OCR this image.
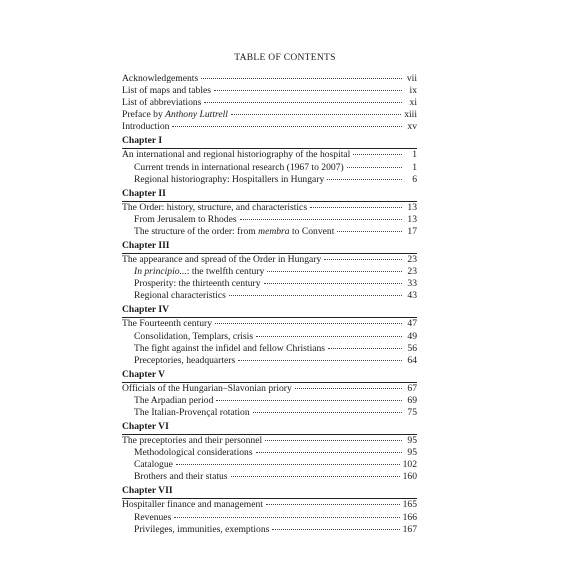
TABLE OF CONTENTS
Acknowledgements	vii
List of maps and tables	ix
List of abbreviations	xi
Preface by Anthony Luttrell	xiii
Introduction	xv
Chapter I
An international and regional historiography of the hospital	1
Current trends in international research (1967 to 2007)	1
Regional historiography: Hospitallers in Hungary	6
Chapter II
The Order: history, structure, and characteristics	13
From Jerusalem to Rhodes	13
The structure of the order: from membra to Convent	17
Chapter III
The appearance and spread of the Order in Hungary	23
In principio...: the twelfth century	23
Prosperity: the thirteenth century	33
Regional characteristics	43
Chapter IV
The Fourteenth century	47
Consolidation, Templars, crisis	49
The fight against the infidel and fellow Christians	56
Preceptories, headquarters	64
Chapter V
Officials of the Hungarian–Slavonian priory	67
The Arpadian period	69
The Italian-Provençal rotation	75
Chapter VI
The preceptories and their personnel	95
Methodological considerations	95
Catalogue	102
Brothers and their status	160
Chapter VII
Hospitaller finance and management	165
Revenues	166
Privileges, immunities, exemptions	167
